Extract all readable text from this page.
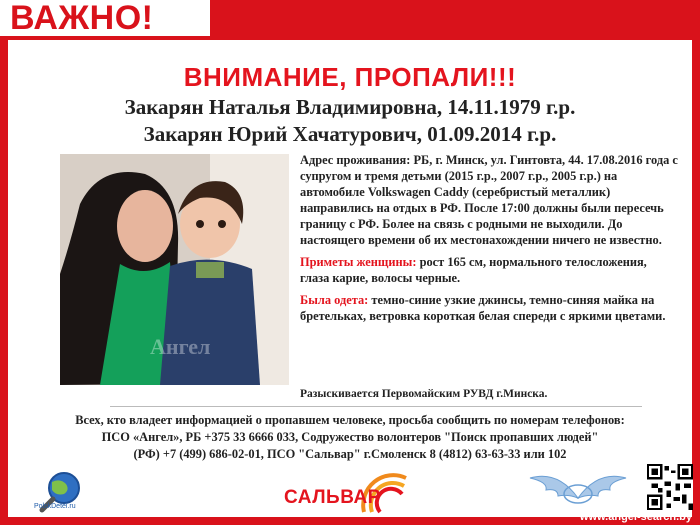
ВАЖНО!
ВНИМАНИЕ, ПРОПАЛИ!!!
Закарян Наталья Владимировна, 14.11.1979 г.р.
Закарян Юрий Хачатурович, 01.09.2014 г.р.
Ангел

Адрес проживания: РБ, г. Минск, ул. Гинтовта, 44. 17.08.2016 года с супругом и тремя детьми (2015 г.р., 2007 г.р., 2005 г.р.) на автомобиле Volkswagen Caddy (серебристый металлик) направились на отдых в РФ. После 17:00 должны были пересечь границу с РФ. Более на связь с родными не выходили. До настоящего времени об их местонахождении ничего не известно.

Приметы женщины: рост 165 см, нормального телосложения, глаза карие, волосы черные.

Была одета: темно-синие узкие джинсы, темно-синяя майка на бретельках, ветровка короткая белая спереди с яркими цветами.

Разыскивается Первомайским РУВД г.Минска.
Всех, кто владеет информацией о пропавшем человеке, просьба сообщить по номерам телефонов:
ПСО «Ангел», РБ +375 33 6666 033, Содружество волонтеров "Поиск пропавших людей"
(РФ) +7 (499) 686-02-01, ПСО "Сальвар" г.Смоленск 8 (4812) 63-63-33 или 102
PolskDetei.ru	САЛЬВАР
www.angel-search.by
